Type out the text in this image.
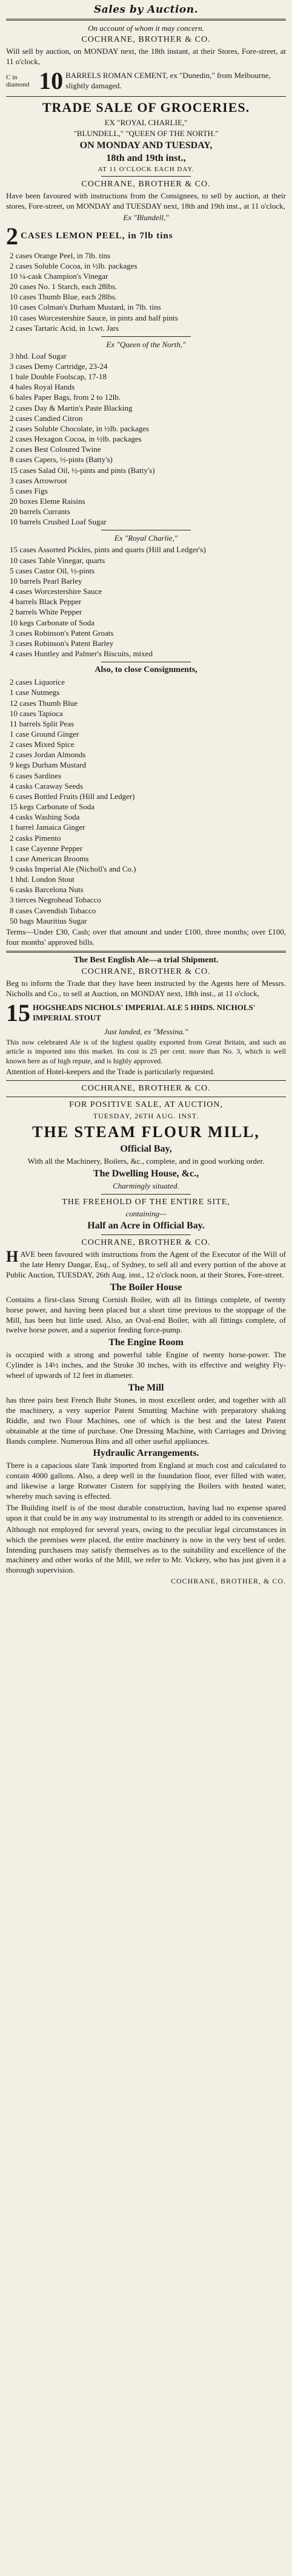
Sales by Auction.
On account of whom it may concern.
COCHRANE, BROTHER & CO.

Will sell by auction, on MONDAY next, the 18th instant, at their Stores, Fore-street, at 11 o'clock,

C in diamond 10 BARRELS ROMAN CEMENT, ex "Dunedin," from Melbourne, slightly damaged.
TRADE SALE OF GROCERIES.
EX "ROYAL CHARLIE,"
"BLUNDELL," "QUEEN OF THE NORTH."
ON MONDAY AND TUESDAY,
18th and 19th inst.,
AT 11 O'CLOCK EACH DAY.
COCHRANE, BROTHER & CO.

Have been favoured with instructions from the Consignees, to sell by auction, at their stores, Fore-street, on MONDAY and TUESDAY next, 18th and 19th inst., at 11 o'clock,

Ex "Blundell,"
2 CASES LEMON PEEL, in 7lb tins
2 cases Orange Peel, in 7lb. tins
2 cases Soluble Cocoa, in ½lb. packages
10 ¼-cask Champion's Vinegar
20 cases No. 1 Starch, each 28lbs.
10 cases Thumb Blue, each 28lbs.
10 cases Colman's Durham Mustard, in 7lb. tins
10 cases Worcestershire Sauce, in pints and half pints
2 cases Tartaric Acid, in 1cwt. Jars
Ex "Queen of the North,"
3 hhd. Loaf Sugar
3 cases Demy Cartridge, 23-24
1 bale Double Foolscap, 17-18
4 bales Royal Hands
6 bales Paper Bags, from 2 to 12lb.
2 cases Day & Martin's Paste Blacking
2 cases Candied Citron
2 cases Soluble Chocolate, in ½lb. packages
2 cases Hexagon Cocoa, in ½lb. packages
2 cases Best Coloured Twine
8 cases Capers, ½-pints (Batty's)
15 cases Salad Oil, ½-pints and pints (Batty's)
3 cases Arrowroot
5 cases Figs
20 boxes Eleme Raisins
20 barrels Currants
10 barrels Crushed Loaf Sugar
Ex "Royal Charlie,"
15 cases Assorted Pickles, pints and quarts (Hill and Ledger's)
10 cases Table Vinegar, quarts
5 cases Castor Oil, ½-pints
10 barrels Pearl Barley
4 cases Worcestershire Sauce
4 barrels Black Pepper
2 barrels White Pepper
10 kegs Carbonate of Soda
3 cases Robinson's Patent Groats
3 cases Robinson's Patent Barley
4 cases Huntley and Palmer's Biscuits, mixed
Also, to close Consignments,
2 cases Liquorice
1 case Nutmegs
12 cases Thumb Blue
10 cases Tapioca
11 barrels Split Peas
1 case Ground Ginger
2 cases Mixed Spice
2 cases Jordan Almonds
9 kegs Durham Mustard
6 cases Sardines
4 casks Caraway Seeds
6 cases Bottled Fruits (Hill and Ledger)
15 kegs Carbonate of Soda
4 casks Washing Soda
1 barrel Jamaica Ginger
2 casks Pimento
1 case Cayenne Pepper
1 case American Brooms
9 casks Imperial Ale (Nicholl's and Co.)
1 hhd. London Stout
6 casks Barcelona Nuts
3 tierces Negrohead Tobacco
8 cases Cavendish Tobacco
50 bags Mauritius Sugar

Terms—Under £30, Cash; over that amount and under £100, three months; over £100, four months' approved bills.

The Best English Ale—a trial Shipment.
COCHRANE, BROTHER & CO.

Beg to inform the Trade that they have been instructed by the Agents here of Messrs. Nicholls and Co., to sell at Auction, on MONDAY next, 18th inst., at 11 o'clock,

15 HOGSHEADS NICHOLS' IMPERIAL ALE 5 HHDS. NICHOLS' IMPERIAL STOUT
Just landed, ex "Messina."

This now celebrated Ale is of the highest quality exported from Great Britain, and such an article is imported into this market. Its cost is 25 per cent. more than No. 3, which is well known here as of high repute, and is highly approved.

Attention of Hotel-keepers and the Trade is particularly requested.

COCHRANE, BROTHER & CO.
FOR POSITIVE SALE, AT AUCTION,
TUESDAY, 26TH AUG. INST.
THE STEAM FLOUR MILL,
Official Bay,

With all the Machinery, Boilers, &c., complete, and in good working order.

The Dwelling House, &c.,
Charmingly situated.
THE FREEHOLD OF THE ENTIRE SITE,
containing—
Half an Acre in Official Bay.
COCHRANE, BROTHER & CO.

HAVE been favoured with instructions from the Agent of the Executor of the Will of the late Henry Dangar, Esq., of Sydney, to sell all and every portion of the above at Public Auction, TUESDAY, 26th Aug. inst., 12 o'clock noon, at their Stores, Fore-street.

The Boiler House

Contains a first-class Strong Cornish Boiler, with all its fittings complete, of twenty horse power, and having been placed but a short time previous to the stoppage of the Mill, has been but little used. Also, an Oval-end Boiler, with all fittings complete, of twelve horse power, and a superior feeding force-pump.

The Engine Room

is occupied with a strong and powerful table Engine of twenty horse-power. The Cylinder is 14½ inches, and the Stroke 30 inches, with its effective and weighty Fly-wheel of upwards of 12 feet in diameter.

The Mill

has three pairs best French Buhr Stones, in most excellent order, and together with all the machinery, a very superior Patent Smutting Machine with preparatory shaking Riddle, and two Flour Machines, one of which is the best and the latest Patent obtainable at the time of purchase. One Dressing Machine, with Carriages and Driving Bands complete. Numerous Bins and all other useful appliances.

Hydraulic Arrangements.

There is a capacious slate Tank imported from England at much cost and calculated to contain 4000 gallons. Also, a deep well in the foundation floor, ever filled with water, and likewise a large Rotwater Cistern for supplying the Boilers with heated water, whereby much saving is effected.

The Building itself is of the most durable construction, having had no expense spared upon it that could be in any way instrumental to its strength or added to its convenience.

Although not employed for several years, owing to the peculiar legal circumstances in which the premises were placed, the entire machinery is now in the very best of order. Intending purchasers may satisfy themselves as to the suitability and excellence of the machinery and other works of the Mill, we refer to Mr. Vickery, who has just given it a thorough supervision.

COCHRANE, BROTHER, & CO.
